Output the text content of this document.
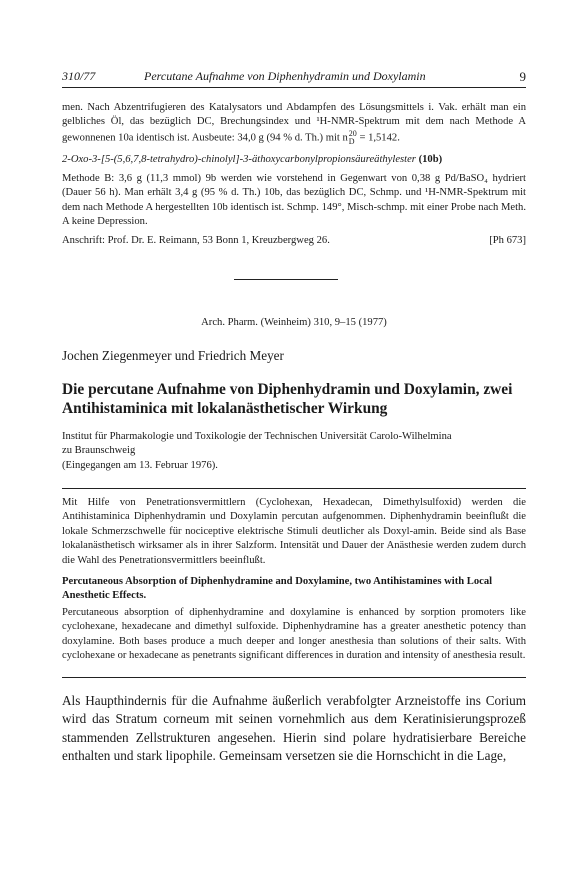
310/77	Percutane Aufnahme von Diphenhydramin und Doxylamin	9
men. Nach Abzentrifugieren des Katalysators und Abdampfen des Lösungsmittels i. Vak. erhält man ein gelbliches Öl, das bezüglich DC, Brechungsindex und ¹H-NMR-Spektrum mit dem nach Methode A gewonnenen 10a identisch ist. Ausbeute: 34,0 g (94 % d. Th.) mit n 20
D = 1,5142.
2-Oxo-3-[5-(5,6,7,8-tetrahydro)-chinolyl]-3-äthoxycarbonylpropionsäureäthylester (10b)
Methode B: 3,6 g (11,3 mmol) 9b werden wie vorstehend in Gegenwart von 0,38 g Pd/BaSO₄ hydriert (Dauer 56 h). Man erhält 3,4 g (95 % d. Th.) 10b, das bezüglich DC, Schmp. und ¹H-NMR-Spektrum mit dem nach Methode A hergestellten 10b identisch ist. Schmp. 149°, Misch-schmp. mit einer Probe nach Meth. A keine Depression.
Anschrift: Prof. Dr. E. Reimann, 53 Bonn 1, Kreuzbergweg 26.	[Ph 673]
Arch. Pharm. (Weinheim) 310, 9–15 (1977)
Jochen Ziegenmeyer und Friedrich Meyer
Die percutane Aufnahme von Diphenhydramin und Doxylamin, zwei Antihistaminica mit lokalanästhetischer Wirkung
Institut für Pharmakologie und Toxikologie der Technischen Universität Carolo-Wilhelmina
zu Braunschweig
(Eingegangen am 13. Februar 1976).
Mit Hilfe von Penetrationsvermittlern (Cyclohexan, Hexadecan, Dimethylsulfoxid) werden die Antihistaminica Diphenhydramin und Doxylamin percutan aufgenommen. Diphenhydramin beeinflußt die lokale Schmerzschwelle für nociceptive elektrische Stimuli deutlicher als Doxyl-amin. Beide sind als Base lokalanästhetisch wirksamer als in ihrer Salzform. Intensität und Dauer der Anästhesie werden zudem durch die Wahl des Penetrationsvermittlers beeinflußt.
Percutaneous Absorption of Diphenhydramine and Doxylamine, two Antihistamines with Local Anesthetic Effects.
Percutaneous absorption of diphenhydramine and doxylamine is enhanced by sorption promoters like cyclohexane, hexadecane and dimethyl sulfoxide. Diphenhydramine has a greater anesthetic potency than doxylamine. Both bases produce a much deeper and longer anesthesia than solutions of their salts. With cyclohexane or hexadecane as penetrants significant differences in duration and intensity of anesthesia result.
Als Haupthindernis für die Aufnahme äußerlich verabfolgter Arzneistoffe ins Corium wird das Stratum corneum mit seinen vornehmlich aus dem Keratinisierungsprozeß stammenden Zellstrukturen angesehen. Hierin sind polare hydratisierbare Bereiche enthalten und stark lipophile. Gemeinsam versetzen sie die Hornschicht in die Lage,
